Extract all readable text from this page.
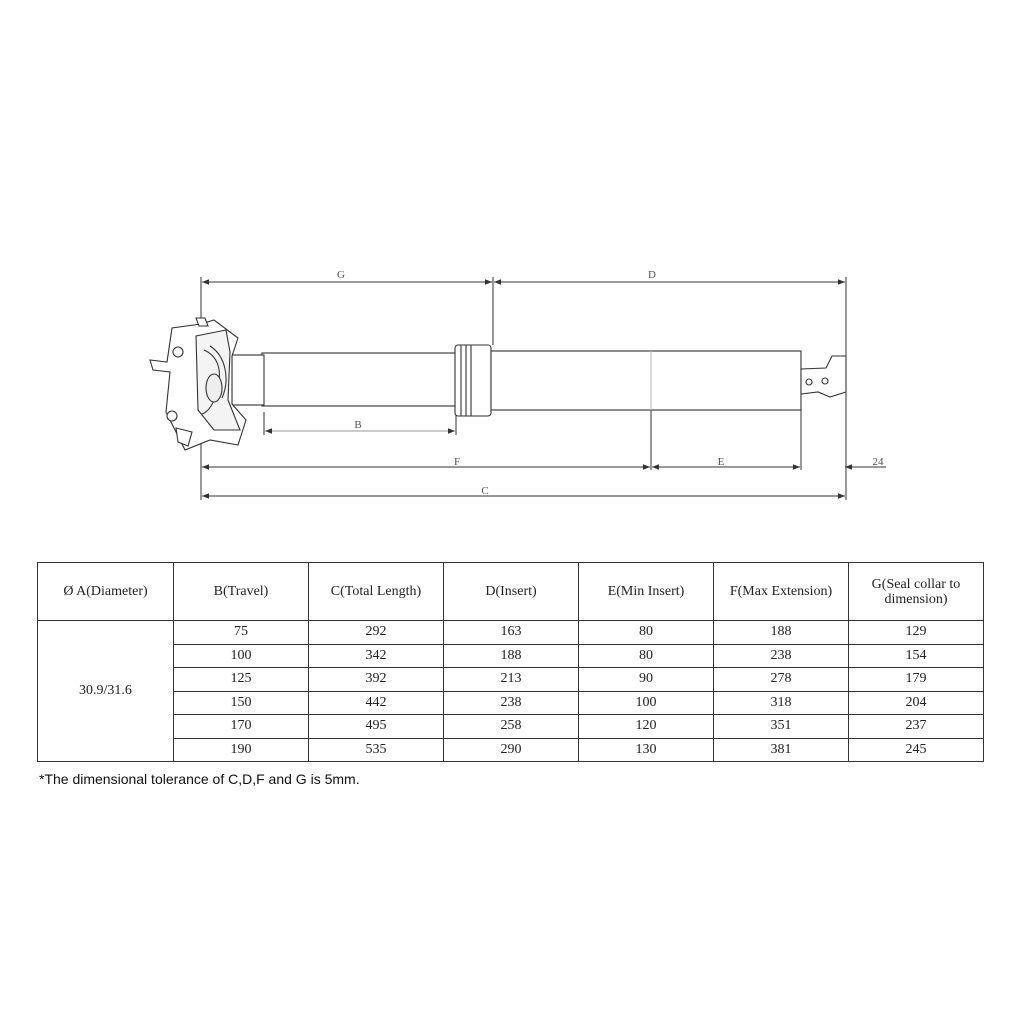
G	D
B
F	E	24
C
Ø A(Diameter)	B(Travel)	C(Total Length)	D(Insert)	E(Min Insert)	F(Max Extension)	G(Seal collar to dimension)
30.9/31.6	75	292	163	80	188	129
	100	342	188	80	238	154
	125	392	213	90	278	179
	150	442	238	100	318	204
	170	495	258	120	351	237
	190	535	290	130	381	245
*The dimensional tolerance of C,D,F and G is 5mm.
